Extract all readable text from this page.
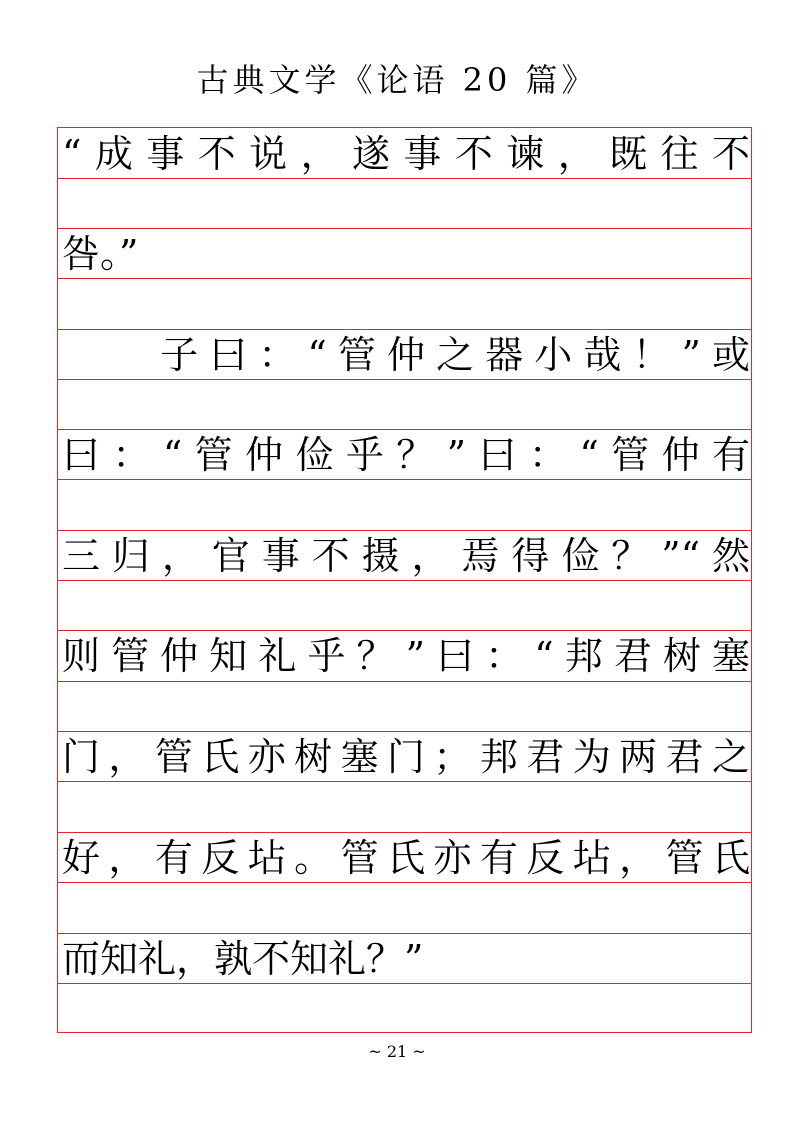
古典文学《论语 20 篇》
“成事不说，遂事不谏，既往不
咎。”
　　子曰：“管仲之器小哉！”或
曰：“管仲俭乎？”曰：“管仲有
三归，官事不摄，焉得俭？”“然
则管仲知礼乎？”曰：“邦君树塞
门，管氏亦树塞门；邦君为两君之
好，有反坫。管氏亦有反坫，管氏
而知礼，孰不知礼？”
~ 21 ~
